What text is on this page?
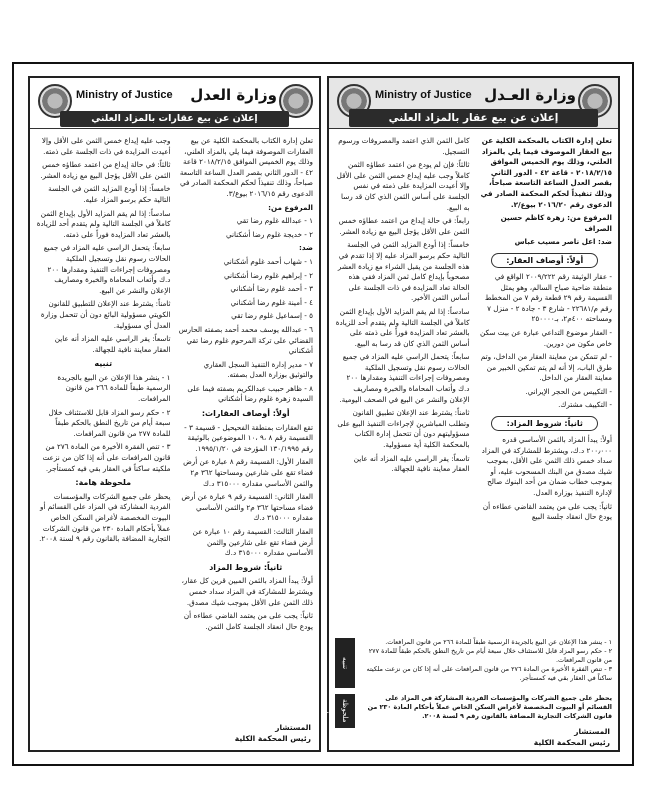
Ministry of Justice وزارة العدل
إعلان عن بيع عقارات بالمزاد العلني

تعلن إدارة الكتاب بالمحكمة الكلية عن بيع العقارات الموصوفة فيما يلي بالمزاد العلني، وذلك يوم الخميس الموافق ٢٠١٨/٢/١٥ قاعة ٤٢ - الدور الثاني بقصر العدل الساعة التاسعة صباحاً، وذلك تنفيذاً لحكم المحكمة الصادر في الدعوى رقم ٢٠١٦/١٥ بيوع/٣.

المرفوع من:

١ - عبدالله غلوم رضا تقي

٢ - خديجة غلوم رضا أشكناني

ضد:

١ - شهاب أحمد غلوم أشكناني

٢ - إبراهيم غلوم رضا أشكناني

٣ - أحمد غلوم رضا أشكناني

٤ - أمينة غلوم رضا أشكناني

٥ - إسماعيل غلوم رضا تقي

٦ - عبدالله يوسف محمد أحمد بصفته الحارس القضائي على تركة المرحوم غلوم رضا تقي أشكناني

٧ - مدير إدارة التنفيذ السجل العقاري والتوثيق بوزارة العدل بصفته.

٨ - ظاهر حبيب عبدالكريم بصفته فيما على السيدة زهرة غلوم رضا أشكناني

أولاً: أوصاف العقارات:

تقع العقارات بمنطقة الفحيحيل - قسيمة ٣ - القسيمة رقم ٨ ،٩ ،١٠ الموضوعين بالوثيقة رقم ١٣٠/١٩٩٥ المؤرخة في ١٩٩٥/١/٢٠.

العقار الأول: القسيمة رقم ٨ عبارة عن أرض فضاء تقع على شارعين ومساحتها ٣٦٢ م٢ والثمن الأساسي مقداره ٣١٥٠٠٠ د.ك

العقار الثاني: القسيمة رقم ٩ عبارة عن أرض فضاء مساحتها ٣٦٢ م٢ والثمن الأساسي مقداره ٣١٥٠٠٠ د.ك

العقار الثالث: القسيمة رقم ١٠ عبارة عن أرض فضاء تقع على شارعين والثمن الأساسي مقداره ٣١٥٠٠٠ د.ك

ثانياً: شروط المزاد

أولاً: يبدأ المزاد بالثمن المبين قرين كل عقار، ويشترط للمشاركة في المزاد سداد خمس ذلك الثمن على الأقل بموجب شيك مصدق.

ثانياً: يجب على من يعتمد القاضي عطاءه أن يودع حال انعقاد الجلسة كامل الثمن.

وجب عليه إيداع خمس الثمن على الأقل وإلا أعيدت المزايدة في ذات الجلسة على ذمته.

ثالثاً: في حالة إيداع من اعتمد عطاؤه خمس الثمن على الأقل يؤجل البيع مع زيادة العشر.

خامساً: إذا أودع المزايد الثمن في الجلسة التالية حكم برسو المزاد عليه.

سادساً: إذا لم يقم المزايد الأول بإيداع الثمن كاملاً في الجلسة التالية ولم يتقدم أحد للزيادة بالعشر تعاد المزايدة فوراً على ذمته.

سابعاً: يتحمل الراسي عليه المزاد في جميع الحالات رسوم نقل وتسجيل الملكية ومصروفات إجراءات التنفيذ ومقدارها ٢٠٠ د.ك وأتعاب المحاماة والخبرة ومصاريف الإعلان والنشر عن البيع.

ثامناً: يشترط عند الإعلان للتطبيق للقانون الكويتي مسؤولية البائع دون أن تتحمل وزارة العدل أي مسؤولية.

تاسعاً: يقر الراسي عليه المزاد أنه عاين العقار معاينة نافية للجهالة.

تنبيه

١ - ينشر هذا الإعلان عن البيع بالجريدة الرسمية طبقاً للمادة ٢٦٦ من قانون المرافعات.

٢ - حكم رسو المزاد قابل للاستئناف خلال سبعة أيام من تاريخ النطق بالحكم طبقاً للمادة ٢٧٧ من قانون المرافعات.

٣ - تنص الفقرة الأخيرة من المادة ٢٧٦ من قانون المرافعات على أنه إذا كان من نزعت ملكيته ساكناً في العقار بقي فيه كمستأجر.

ملحوظة هامة:

يحظر على جميع الشركات والمؤسسات الفردية المشاركة في المزاد على القسائم أو البيوت المخصصة لأغراض السكن الخاص عملاً بأحكام المادة ٢٣٠ من قانون الشركات التجارية المضافة بالقانون رقم ٩ لسنة ٢٠٠٨.

المستشار
رئيس المحكمة الكلية
Ministry of Justice وزارة العـدل
إعلان عن بيع عقار بالمزاد العلني

تعلن إدارة الكتاب بالمحكمة الكلية عن بيع العقار الموصوف فيما يلي بالمزاد العلني، وذلك يوم الخميس الموافق ٢٠١٨/٢/١٥ - قاعة ٤٢ - الدور الثاني بقصر العدل الساعة التاسعة صباحاً، وذلك تنفيذاً لحكم المحكمة الصادر في الدعوى رقم ٢٠١٦/٢٠ بيوع/٢.

المرفوع من: زهرة كاظم حسين الصراف

ضد: اعل ناصر مسيب عباس

أولاً: أوصاف العقار:

- عقار الوثيقة رقم ٢٠٠٩/٢٢٢ الواقع في منطقة ضاحية صباح السالم، وهو يمثل القسيمة رقم ٢٩ قطعة رقم ٧ من المخطط رقم م/٢٢٦٨١ - شارع ٣ - جادة ٢ - منزل ٧ ومساحته ٤٠٠م٢، بـ٢٥٠٠٠٠

- العقار موضوع التداعي عبارة عن بيت سكن خاص مكون من دورين.

- لم تتمكن من معاينة العقار من الداخل، وتم طرق الباب، إلا أنه لم يتم تمكين الخبير من معاينة العقار من الداخل.

- التكييس من الحجر الإيراني.

- التكييف مشترك.

ثانياً: شروط المزاد:

أولاً: يبدأ المزاد بالثمن الأساسي قدره ٢٠٠٫٠٠٠ د.ك، ويشترط للمشاركة في المزاد سداد خمس ذلك الثمن على الأقل، بموجب شيك مصدق من البنك المسحوب عليه، أو بموجب خطاب ضمان من أحد البنوك صالح لإدارة التنفيذ بوزارة العدل.

ثانياً: يجب على من يعتمد القاضي عطاءه أن يودع حال انعقاد جلسة البيع

كامل الثمن الذي اعتمد والمصروفات ورسوم التسجيل.

ثالثاً: فإن لم يودع من اعتمد عطاؤه الثمن كاملاً وجب عليه إيداع خمس الثمن على الأقل وإلا أعيدت المزايدة على ذمته في نفس الجلسة على أساس الثمن الذي كان قد رسا به البيع.

رابعاً: في حالة إيداع من اعتمد عطاؤه خمس الثمن على الأقل يؤجل البيع مع زيادة العشر.

خامساً: إذا أودع المزايد الثمن في الجلسة التالية حكم برسو المزاد عليه إلا إذا تقدم في هذه الجلسة من يقبل الشراء مع زيادة العشر مصحوباً بإيداع كامل ثمن المزاد ففي هذه الحالة تعاد المزايدة في ذات الجلسة على أساس الثمن الأخير.

سادساً: إذا لم يقم المزايد الأول بإيداع الثمن كاملاً في الجلسة التالية ولم يتقدم أحد للزيادة بالعشر تعاد المزايدة فوراً على ذمته على أساس الثمن الذي كان قد رسا به البيع.

سابعاً: يتحمل الراسي عليه المزاد في جميع الحالات رسوم نقل وتسجيل الملكية ومصروفات إجراءات التنفيذ ومقدارها ٢٠٠ د.ك وأتعاب المحاماة والخبرة ومصاريف الإعلان والنشر عن البيع في الصحف اليومية.

ثامناً: يشترط عند الإعلان تطبيق القانون وتطلب المباشرين لإجراءات التنفيذ البيع على مسؤوليتهم دون أن تتحمل إدارة الكتاب بالمحكمة الكلية أية مسؤولية.

تاسعاً: يقر الراسي عليه المزاد أنه عاين العقار معاينة نافية للجهالة.

تنبيه
١ - ينشر هذا الإعلان عن البيع بالجريدة الرسمية طبقاً للمادة ٢٦٦ من قانون المرافعات.
٢ - حكم رسو المزاد قابل للاستئناف خلال سبعة أيام من تاريخ النطق بالحكم طبقاً للمادة ٢٧٧ من قانون المرافعات.
٣ - تنص الفقرة الأخيرة من المادة ٢٧٦ من قانون المرافعات على أنه إذا كان من نزعت ملكيته ساكناً في العقار بقي فيه كمستأجر.
ملحوظة هامة
يحظر على جميع الشركات والمؤسسات الفردية المشاركة في المزاد على القسائم أو البيوت المخصصة لأغراض السكن الخاص عملاً بأحكام المادة ٢٣٠ من قانون الشركات التجارية المضافة بالقانون رقم ٩ لسنة ٢٠٠٨.
المستشار
رئيس المحكمة الكلية
